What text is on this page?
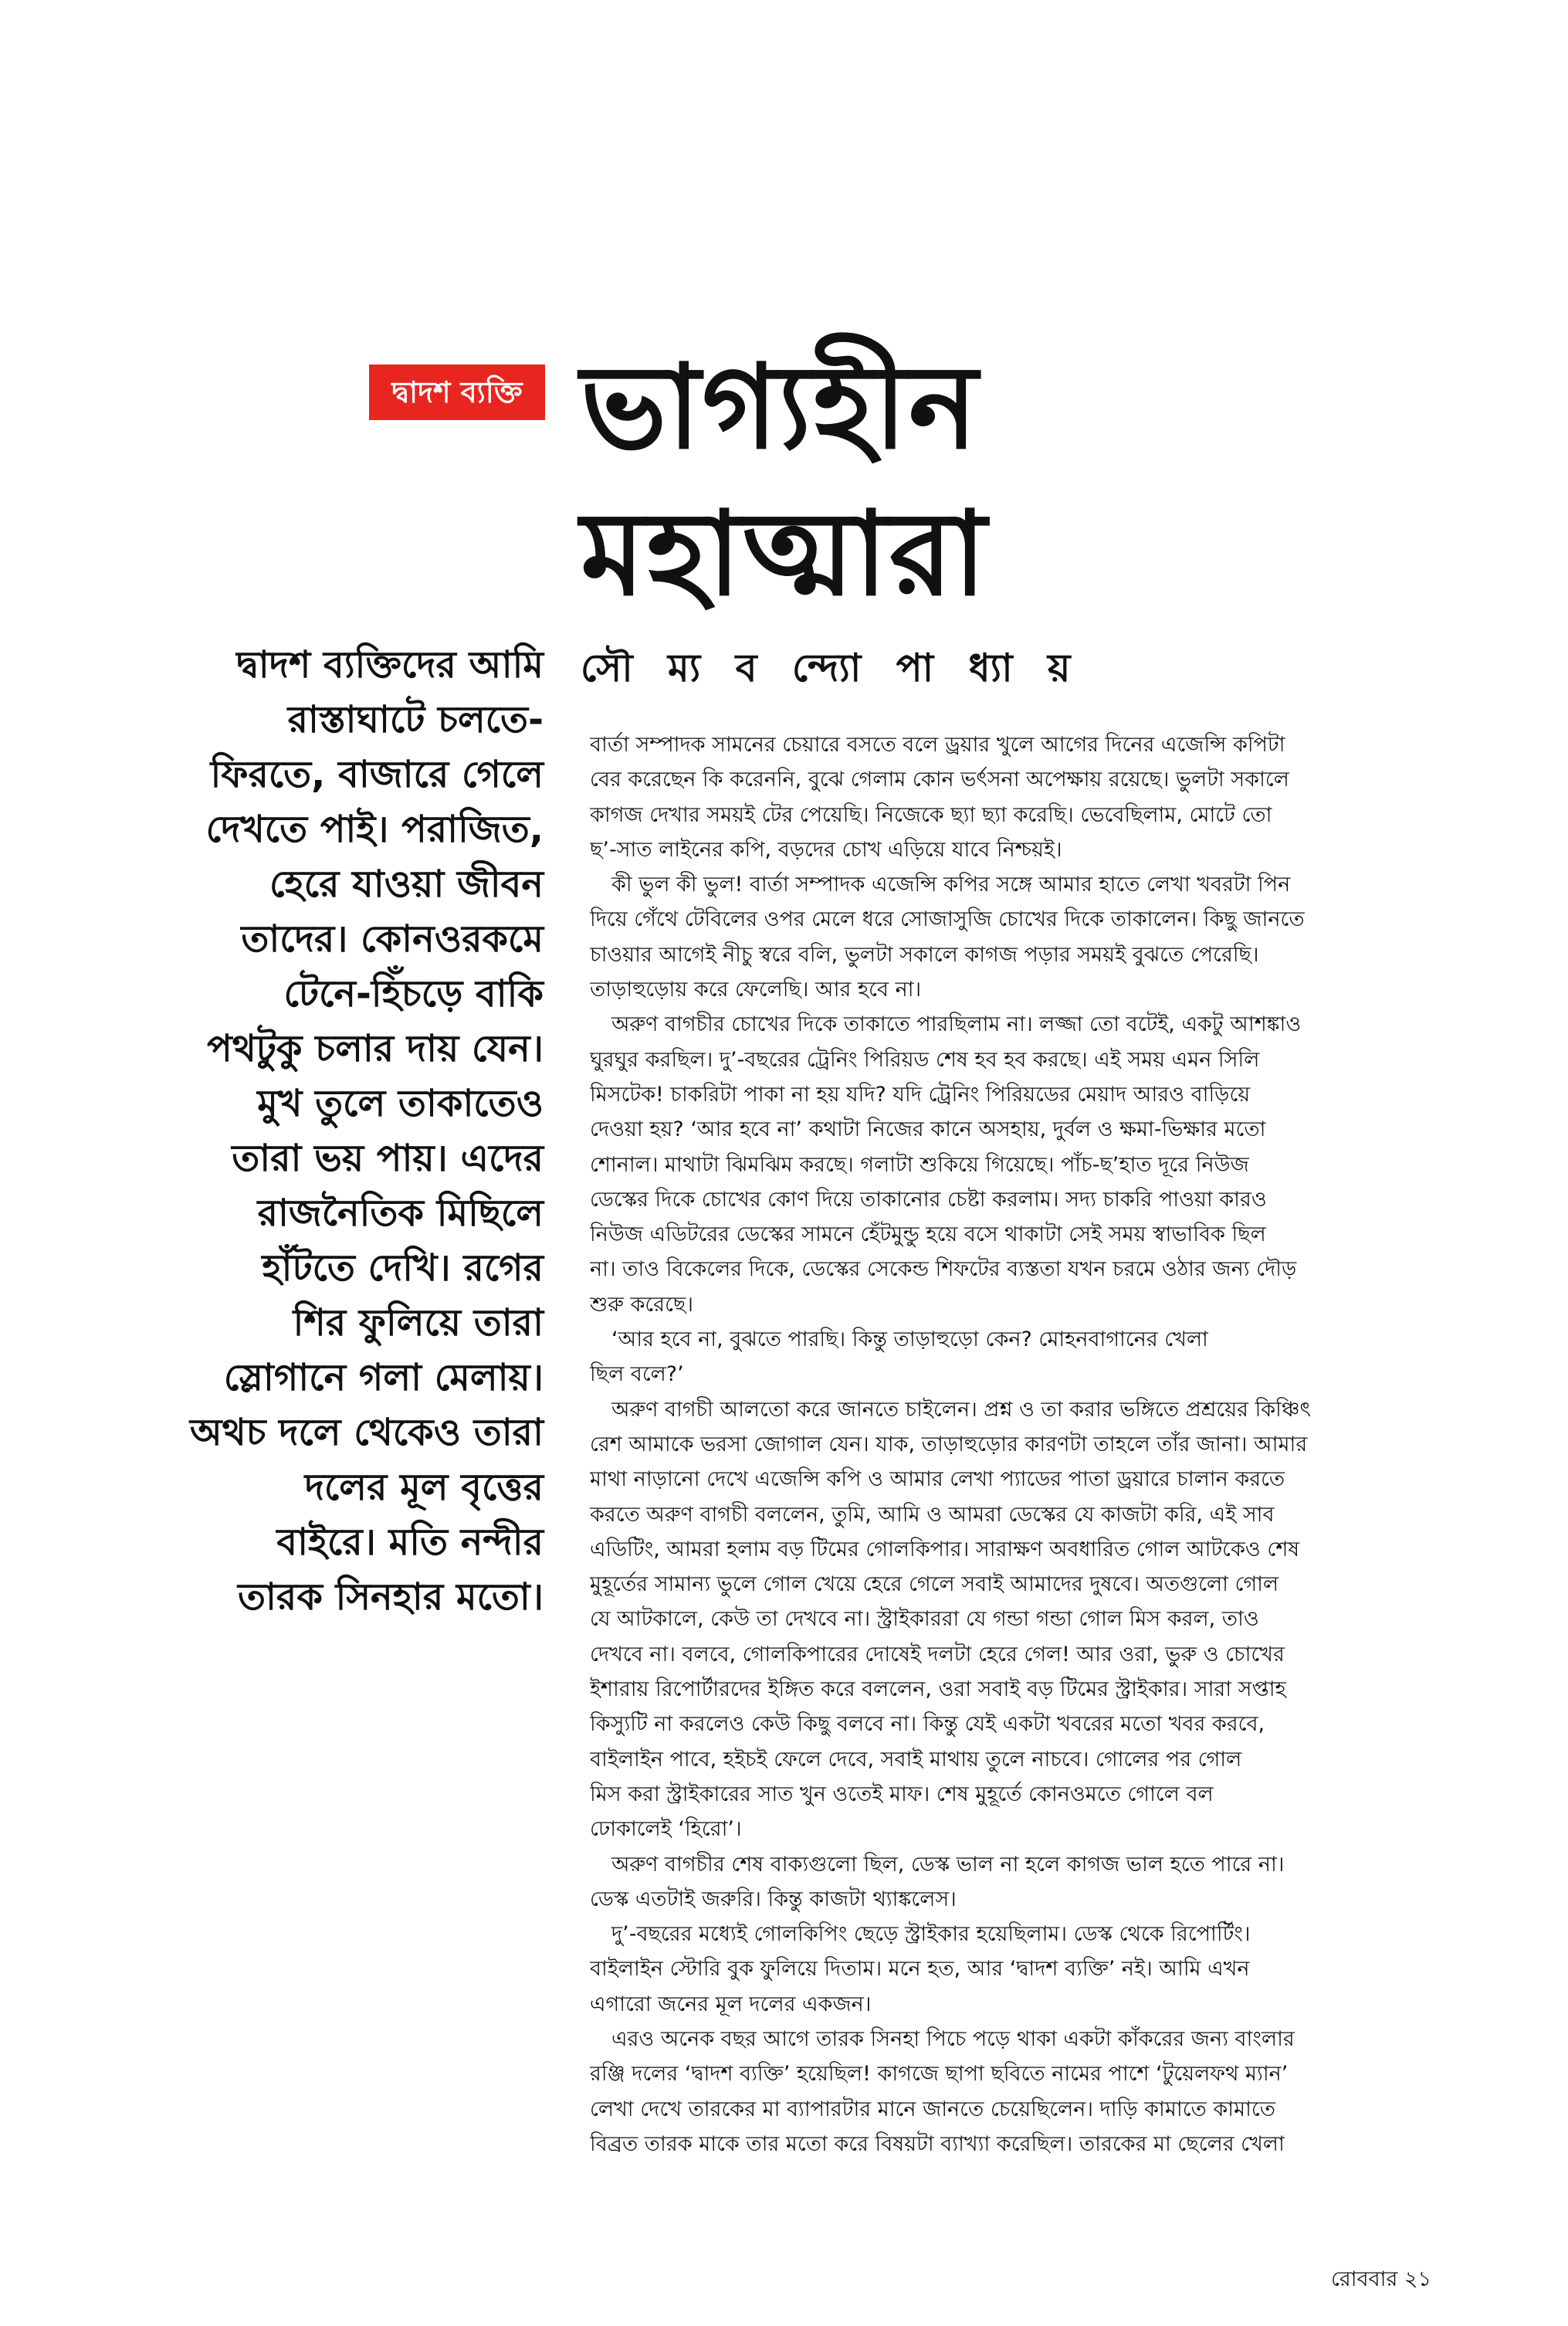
দ্বাদশ ব্যক্তি ভাগ্যহীন
মহাত্মারা
দ্বাদশ ব্যক্তিদের আমি
রাস্তাঘাটে চলতে-
ফিরতে, বাজারে গেলে
দেখতে পাই। পরাজিত,
হেরে যাওয়া জীবন
তাদের। কোনওরকমে
টেনে-হিঁচড়ে বাকি
পথটুকু চলার দায় যেন।
মুখ তুলে তাকাতেও
তারা ভয় পায়। এদের
রাজনৈতিক মিছিলে
হাঁটতে দেখি। রগের
শির ফুলিয়ে তারা
স্লোগানে গলা মেলায়।
অথচ দলে থেকেও তারা
দলের মূল বৃত্তের
বাইরে। মতি নন্দীর
তারক সিনহার মতো।
সৌ ম্য ব ন্দ্যো পা ধ্যা য়
বার্তা সম্পাদক সামনের চেয়ারে বসতে বলে ড্রয়ার খুলে আগের দিনের এজেন্সি কপিটা
বের করেছেন কি করেননি, বুঝে গেলাম কোন ভর্ৎসনা অপেক্ষায় রয়েছে। ভুলটা সকালে
কাগজ দেখার সময়ই টের পেয়েছি। নিজেকে ছ্যা ছ্যা করেছি। ভেবেছিলাম, মোটে তো
ছ’-সাত লাইনের কপি, বড়দের চোখ এড়িয়ে যাবে নিশ্চয়ই।
কী ভুল কী ভুল! বার্তা সম্পাদক এজেন্সি কপির সঙ্গে আমার হাতে লেখা খবরটা পিন
দিয়ে গেঁথে টেবিলের ওপর মেলে ধরে সোজাসুজি চোখের দিকে তাকালেন। কিছু জানতে
চাওয়ার আগেই নীচু স্বরে বলি, ভুলটা সকালে কাগজ পড়ার সময়ই বুঝতে পেরেছি।
তাড়াহুড়োয় করে ফেলেছি। আর হবে না।
অরুণ বাগচীর চোখের দিকে তাকাতে পারছিলাম না। লজ্জা তো বটেই, একটু আশঙ্কাও
ঘুরঘুর করছিল। দু’-বছরের ট্রেনিং পিরিয়ড শেষ হব হব করছে। এই সময় এমন সিলি
মিসটেক! চাকরিটা পাকা না হয় যদি? যদি ট্রেনিং পিরিয়ডের মেয়াদ আরও বাড়িয়ে
দেওয়া হয়? ‘আর হবে না’ কথাটা নিজের কানে অসহায়, দুর্বল ও ক্ষমা-ভিক্ষার মতো
শোনাল। মাথাটা ঝিমঝিম করছে। গলাটা শুকিয়ে গিয়েছে। পাঁচ-ছ’হাত দূরে নিউজ
ডেস্কের দিকে চোখের কোণ দিয়ে তাকানোর চেষ্টা করলাম। সদ্য চাকরি পাওয়া কারও
নিউজ এডিটরের ডেস্কের সামনে হেঁটমুন্ডু হয়ে বসে থাকাটা সেই সময় স্বাভাবিক ছিল
না। তাও বিকেলের দিকে, ডেস্কের সেকেন্ড শিফটের ব্যস্ততা যখন চরমে ওঠার জন্য দৌড়
শুরু করেছে।
‘আর হবে না, বুঝতে পারছি। কিন্তু তাড়াহুড়ো কেন? মোহনবাগানের খেলা
ছিল বলে?’
অরুণ বাগচী আলতো করে জানতে চাইলেন। প্রশ্ন ও তা করার ভঙ্গিতে প্রশ্রয়ের কিঞ্চিৎ
রেশ আমাকে ভরসা জোগাল যেন। যাক, তাড়াহুড়োর কারণটা তাহলে তাঁর জানা। আমার
মাথা নাড়ানো দেখে এজেন্সি কপি ও আমার লেখা প্যাডের পাতা ড্রয়ারে চালান করতে
করতে অরুণ বাগচী বললেন, তুমি, আমি ও আমরা ডেস্কের যে কাজটা করি, এই সাব
এডিটিং, আমরা হলাম বড় টিমের গোলকিপার। সারাক্ষণ অবধারিত গোল আটকেও শেষ
মুহূর্তের সামান্য ভুলে গোল খেয়ে হেরে গেলে সবাই আমাদের দুষবে। অতগুলো গোল
যে আটকালে, কেউ তা দেখবে না। স্ট্রাইকাররা যে গন্ডা গন্ডা গোল মিস করল, তাও
দেখবে না। বলবে, গোলকিপারের দোষেই দলটা হেরে গেল! আর ওরা, ভুরু ও চোখের
ইশারায় রিপোর্টারদের ইঙ্গিত করে বললেন, ওরা সবাই বড় টিমের স্ট্রাইকার। সারা সপ্তাহ
কিস্যুটি না করলেও কেউ কিছু বলবে না। কিন্তু যেই একটা খবরের মতো খবর করবে,
বাইলাইন পাবে, হইচই ফেলে দেবে, সবাই মাথায় তুলে নাচবে। গোলের পর গোল
মিস করা স্ট্রাইকারের সাত খুন ওতেই মাফ। শেষ মুহূর্তে কোনওমতে গোলে বল
ঢোকালেই ‘হিরো’।
অরুণ বাগচীর শেষ বাক্যগুলো ছিল, ডেস্ক ভাল না হলে কাগজ ভাল হতে পারে না।
ডেস্ক এতটাই জরুরি। কিন্তু কাজটা থ্যাঙ্কলেস।
দু’-বছরের মধ্যেই গোলকিপিং ছেড়ে স্ট্রাইকার হয়েছিলাম। ডেস্ক থেকে রিপোর্টিং।
বাইলাইন স্টোরি বুক ফুলিয়ে দিতাম। মনে হত, আর ‘দ্বাদশ ব্যক্তি’ নই। আমি এখন
এগারো জনের মূল দলের একজন।
এরও অনেক বছর আগে তারক সিনহা পিচে পড়ে থাকা একটা কাঁকরের জন্য বাংলার
রঞ্জি দলের ‘দ্বাদশ ব্যক্তি’ হয়েছিল! কাগজে ছাপা ছবিতে নামের পাশে ‘টুয়েলফথ ম্যান’
লেখা দেখে তারকের মা ব্যাপারটার মানে জানতে চেয়েছিলেন। দাড়ি কামাতে কামাতে
বিব্রত তারক মাকে তার মতো করে বিষয়টা ব্যাখ্যা করেছিল। তারকের মা ছেলের খেলা
রোববার ২১
